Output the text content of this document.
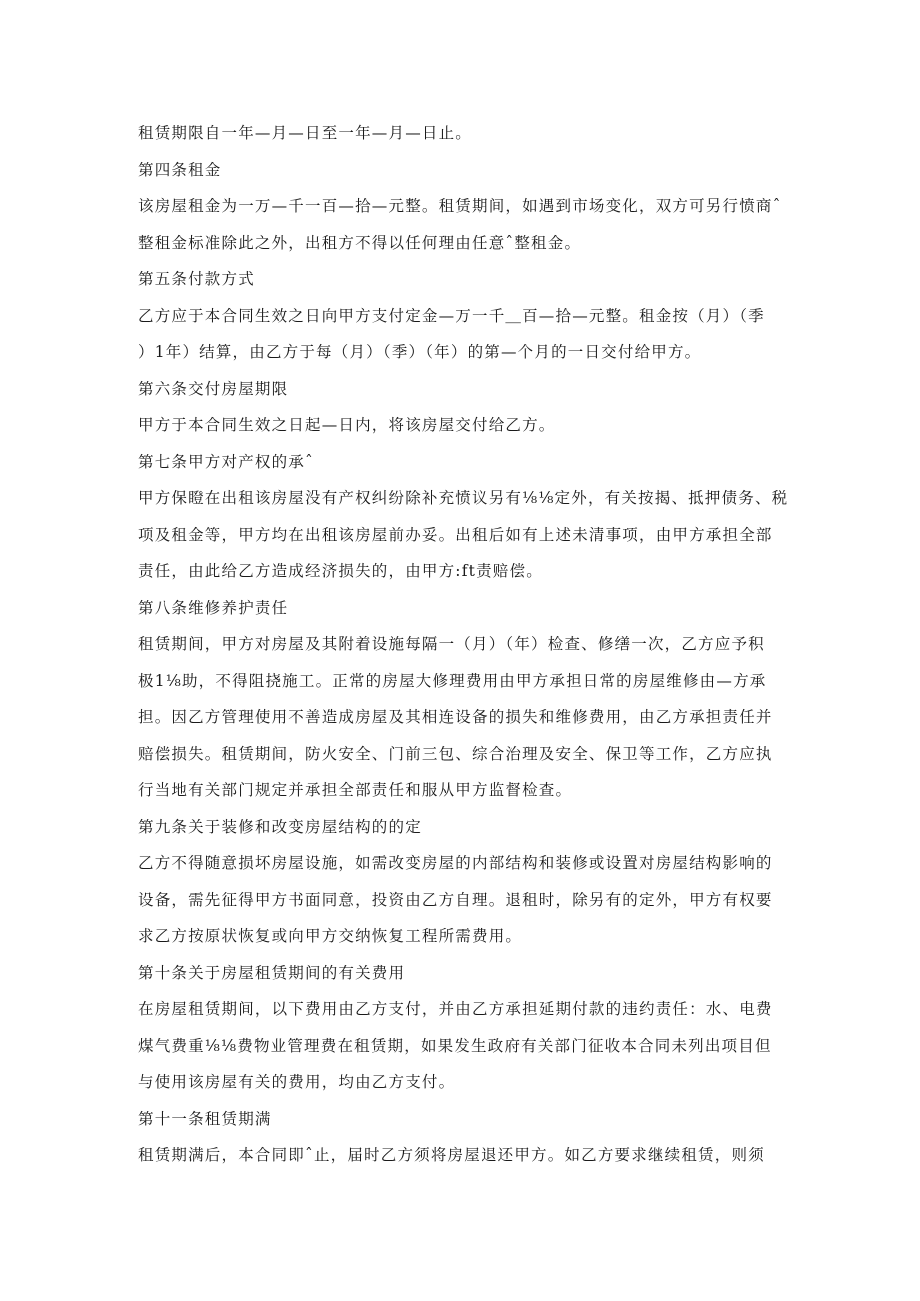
租赁期限自一年—月—日至一年—月—日止。
第四条租金
该房屋租金为一万—千一百—拾—元整。租赁期间，如遇到市场变化，双方可另行愤商ˆ
整租金标准除此之外，出租方不得以任何理由任意ˆ整租金。
第五条付款方式
乙方应于本合同生效之日向甲方支付定金—万一千＿百—拾—元整。租金按（月）（季
）1年）结算，由乙方于每（月）（季）（年）的第—个月的一日交付给甲方。
第六条交付房屋期限
甲方于本合同生效之日起—日内，将该房屋交付给乙方。
第七条甲方对产权的承ˆ
甲方保瞪在出租该房屋没有产权纠纷除补充愤议另有⅛⅛定外，有关按揭、抵押债务、税
项及租金等，甲方均在出租该房屋前办妥。出租后如有上述未清事项，由甲方承担全部
责任，由此给乙方造成经济损失的，由甲方:ft责赔偿。
第八条维修养护责任
租赁期间，甲方对房屋及其附着设施每隔一（月）（年）检查、修缮一次，乙方应予积
极1⅛助，不得阻挠施工。正常的房屋大修理费用由甲方承担日常的房屋维修由—方承
担。因乙方管理使用不善造成房屋及其相连设备的损失和维修费用，由乙方承担责任并
赔偿损失。租赁期间，防火安全、门前三包、综合治理及安全、保卫等工作，乙方应执
行当地有关部门规定并承担全部责任和服从甲方监督检查。
第九条关于装修和改变房屋结构的的定
乙方不得随意损坏房屋设施，如需改变房屋的内部结构和装修或设置对房屋结构影响的
设备，需先征得甲方书面同意，投资由乙方自理。退租时，除另有的定外，甲方有权要
求乙方按原状恢复或向甲方交纳恢复工程所需费用。
第十条关于房屋租赁期间的有关费用
在房屋租赁期间，以下费用由乙方支付，并由乙方承担延期付款的违约责任：水、电费
煤气费重⅛⅛费物业管理费在租赁期，如果发生政府有关部门征收本合同未列出项目但
与使用该房屋有关的费用，均由乙方支付。
第十一条租赁期满
租赁期满后，本合同即ˆ止，届时乙方须将房屋退还甲方。如乙方要求继续租赁，则须
